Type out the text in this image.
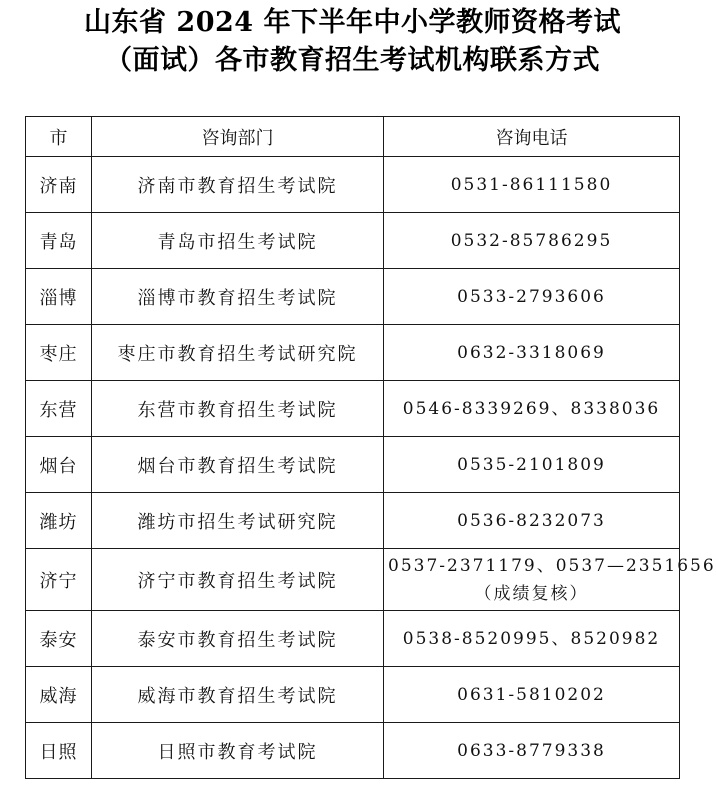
山东省 2024 年下半年中小学教师资格考试
（面试）各市教育招生考试机构联系方式
市	咨询部门	咨询电话
济南	济南市教育招生考试院	0531-86111580

青岛	青岛市招生考试院	0532-85786295

淄博	淄博市教育招生考试院	0533-2793606

枣庄	枣庄市教育招生考试研究院	0632-3318069

东营	东营市教育招生考试院	0546-8339269、8338036

烟台	烟台市教育招生考试院	0535-2101809

潍坊	潍坊市招生考试研究院	0536-8232073

济宁	济宁市教育招生考试院	0537-2371179、0537—2351656
（成绩复核）

泰安	泰安市教育招生考试院	0538-8520995、8520982

威海	威海市教育招生考试院	0631-5810202

日照	日照市教育考试院	0633-8779338
